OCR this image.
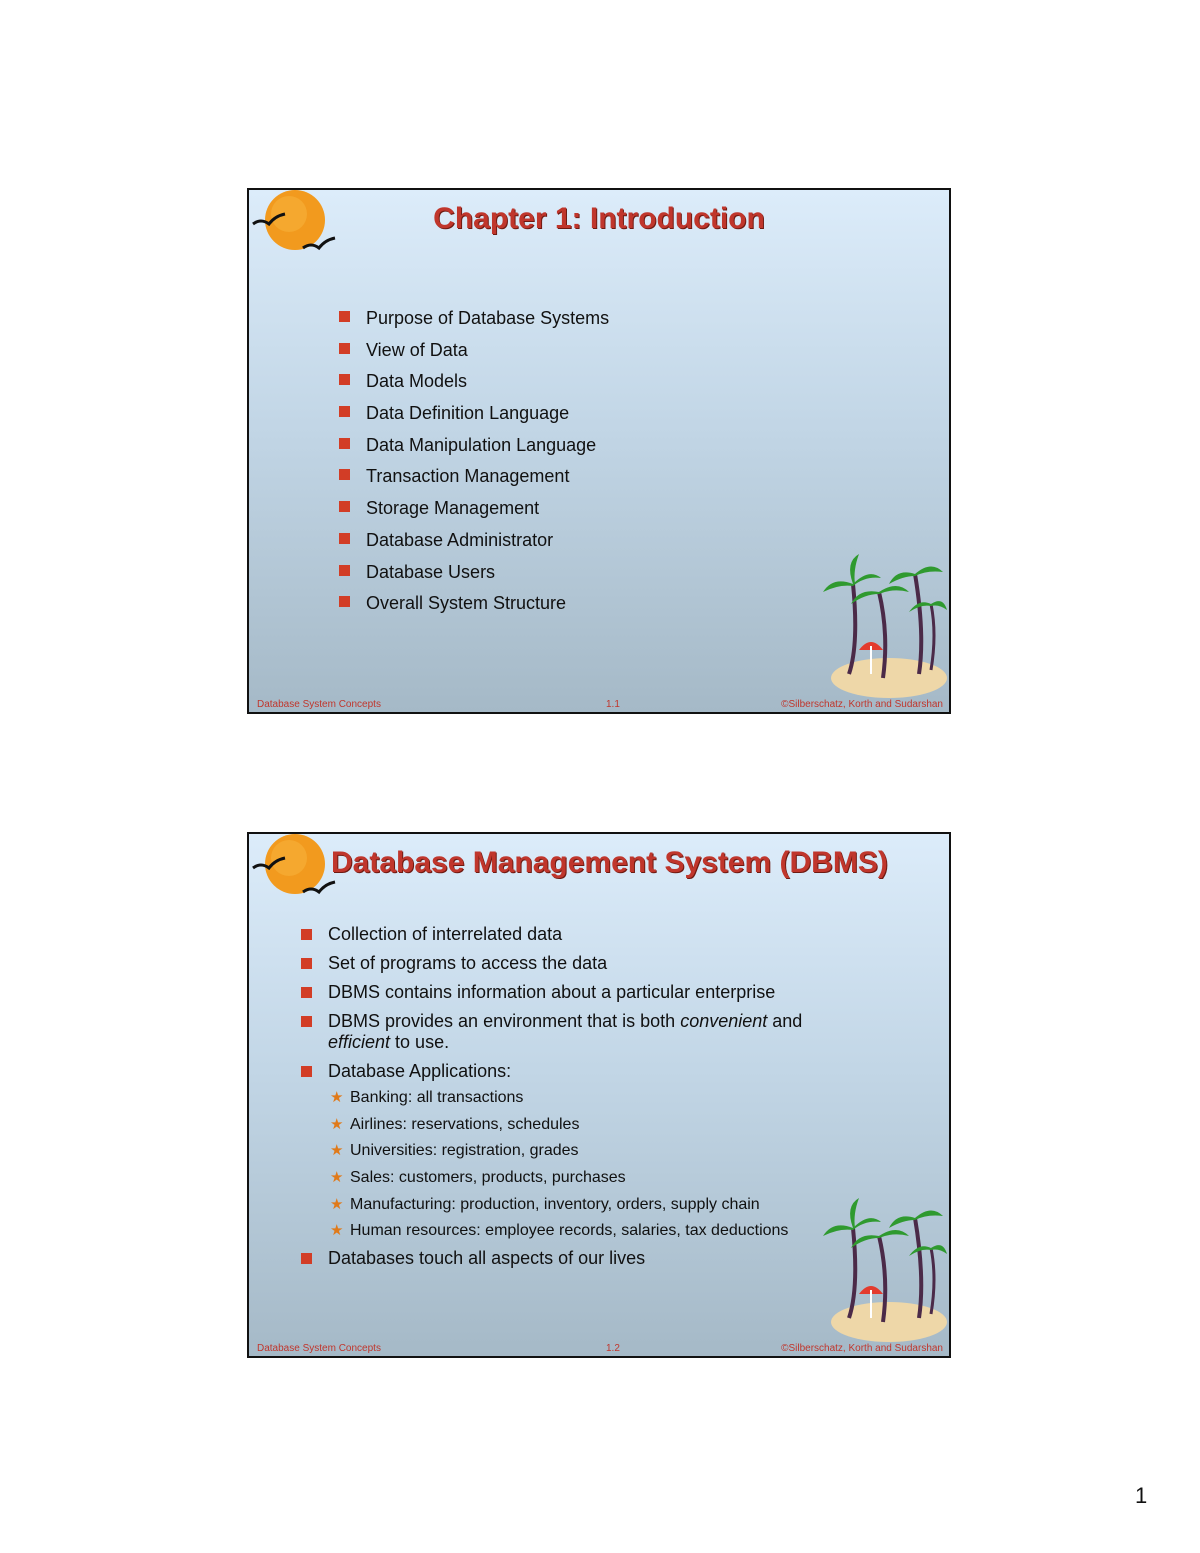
Chapter 1: Introduction
Purpose of Database Systems
View of Data
Data Models
Data Definition Language
Data Manipulation Language
Transaction Management
Storage Management
Database Administrator
Database Users
Overall System Structure
Database System Concepts	1.1	©Silberschatz, Korth and Sudarshan
Database Management System (DBMS)
Collection of interrelated data
Set of programs to access the data
DBMS contains information about a particular enterprise
DBMS provides an environment that is both convenient and efficient to use.
Database Applications:
★ Banking: all transactions
★ Airlines: reservations, schedules
★ Universities: registration, grades
★ Sales: customers, products, purchases
★ Manufacturing: production, inventory, orders, supply chain
★ Human resources: employee records, salaries, tax deductions
Databases touch all aspects of our lives
Database System Concepts	1.2	©Silberschatz, Korth and Sudarshan
1
